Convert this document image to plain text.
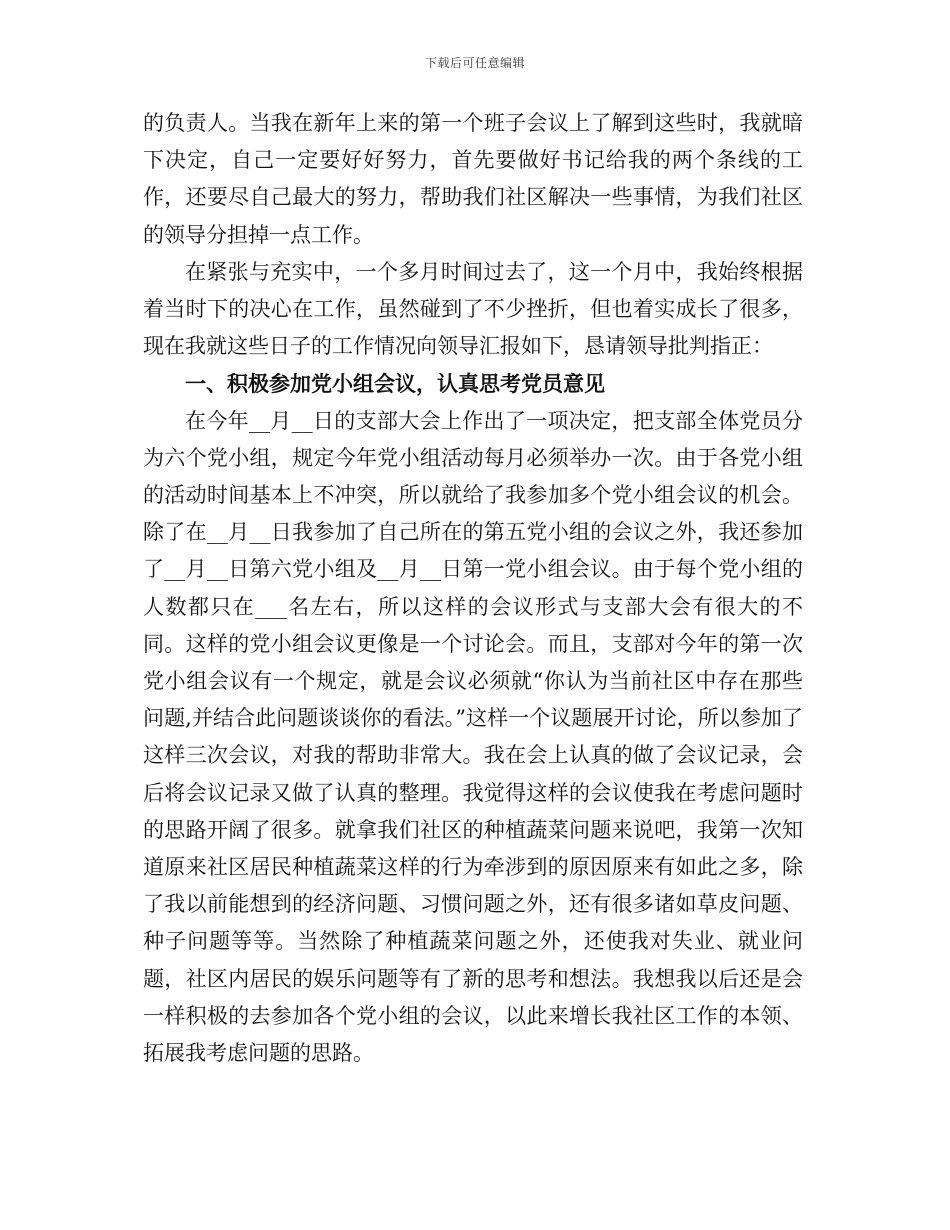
下载后可任意编辑

的负责人。当我在新年上来的第一个班子会议上了解到这些时，我就暗下决定，自己一定要好好努力，首先要做好书记给我的两个条线的工作，还要尽自己最大的努力，帮助我们社区解决一些事情，为我们社区的领导分担掉一点工作。

在紧张与充实中，一个多月时间过去了，这一个月中，我始终根据着当时下的决心在工作，虽然碰到了不少挫折，但也着实成长了很多，现在我就这些日子的工作情况向领导汇报如下，恳请领导批判指正：

一、积极参加党小组会议，认真思考党员意见

在今年__月__日的支部大会上作出了一项决定，把支部全体党员分为六个党小组，规定今年党小组活动每月必须举办一次。由于各党小组的活动时间基本上不冲突，所以就给了我参加多个党小组会议的机会。除了在__月__日我参加了自己所在的第五党小组的会议之外，我还参加了__月__日第六党小组及__月__日第一党小组会议。由于每个党小组的人数都只在___名左右，所以这样的会议形式与支部大会有很大的不同。这样的党小组会议更像是一个讨论会。而且，支部对今年的第一次党小组会议有一个规定，就是会议必须就“你认为当前社区中存在那些问题,并结合此问题谈谈你的看法。”这样一个议题展开讨论，所以参加了这样三次会议，对我的帮助非常大。我在会上认真的做了会议记录，会后将会议记录又做了认真的整理。我觉得这样的会议使我在考虑问题时的思路开阔了很多。就拿我们社区的种植蔬菜问题来说吧，我第一次知道原来社区居民种植蔬菜这样的行为牵涉到的原因原来有如此之多，除了我以前能想到的经济问题、习惯问题之外，还有很多诸如草皮问题、种子问题等等。当然除了种植蔬菜问题之外，还使我对失业、就业问题，社区内居民的娱乐问题等有了新的思考和想法。我想我以后还是会一样积极的去参加各个党小组的会议，以此来增长我社区工作的本领、拓展我考虑问题的思路。
